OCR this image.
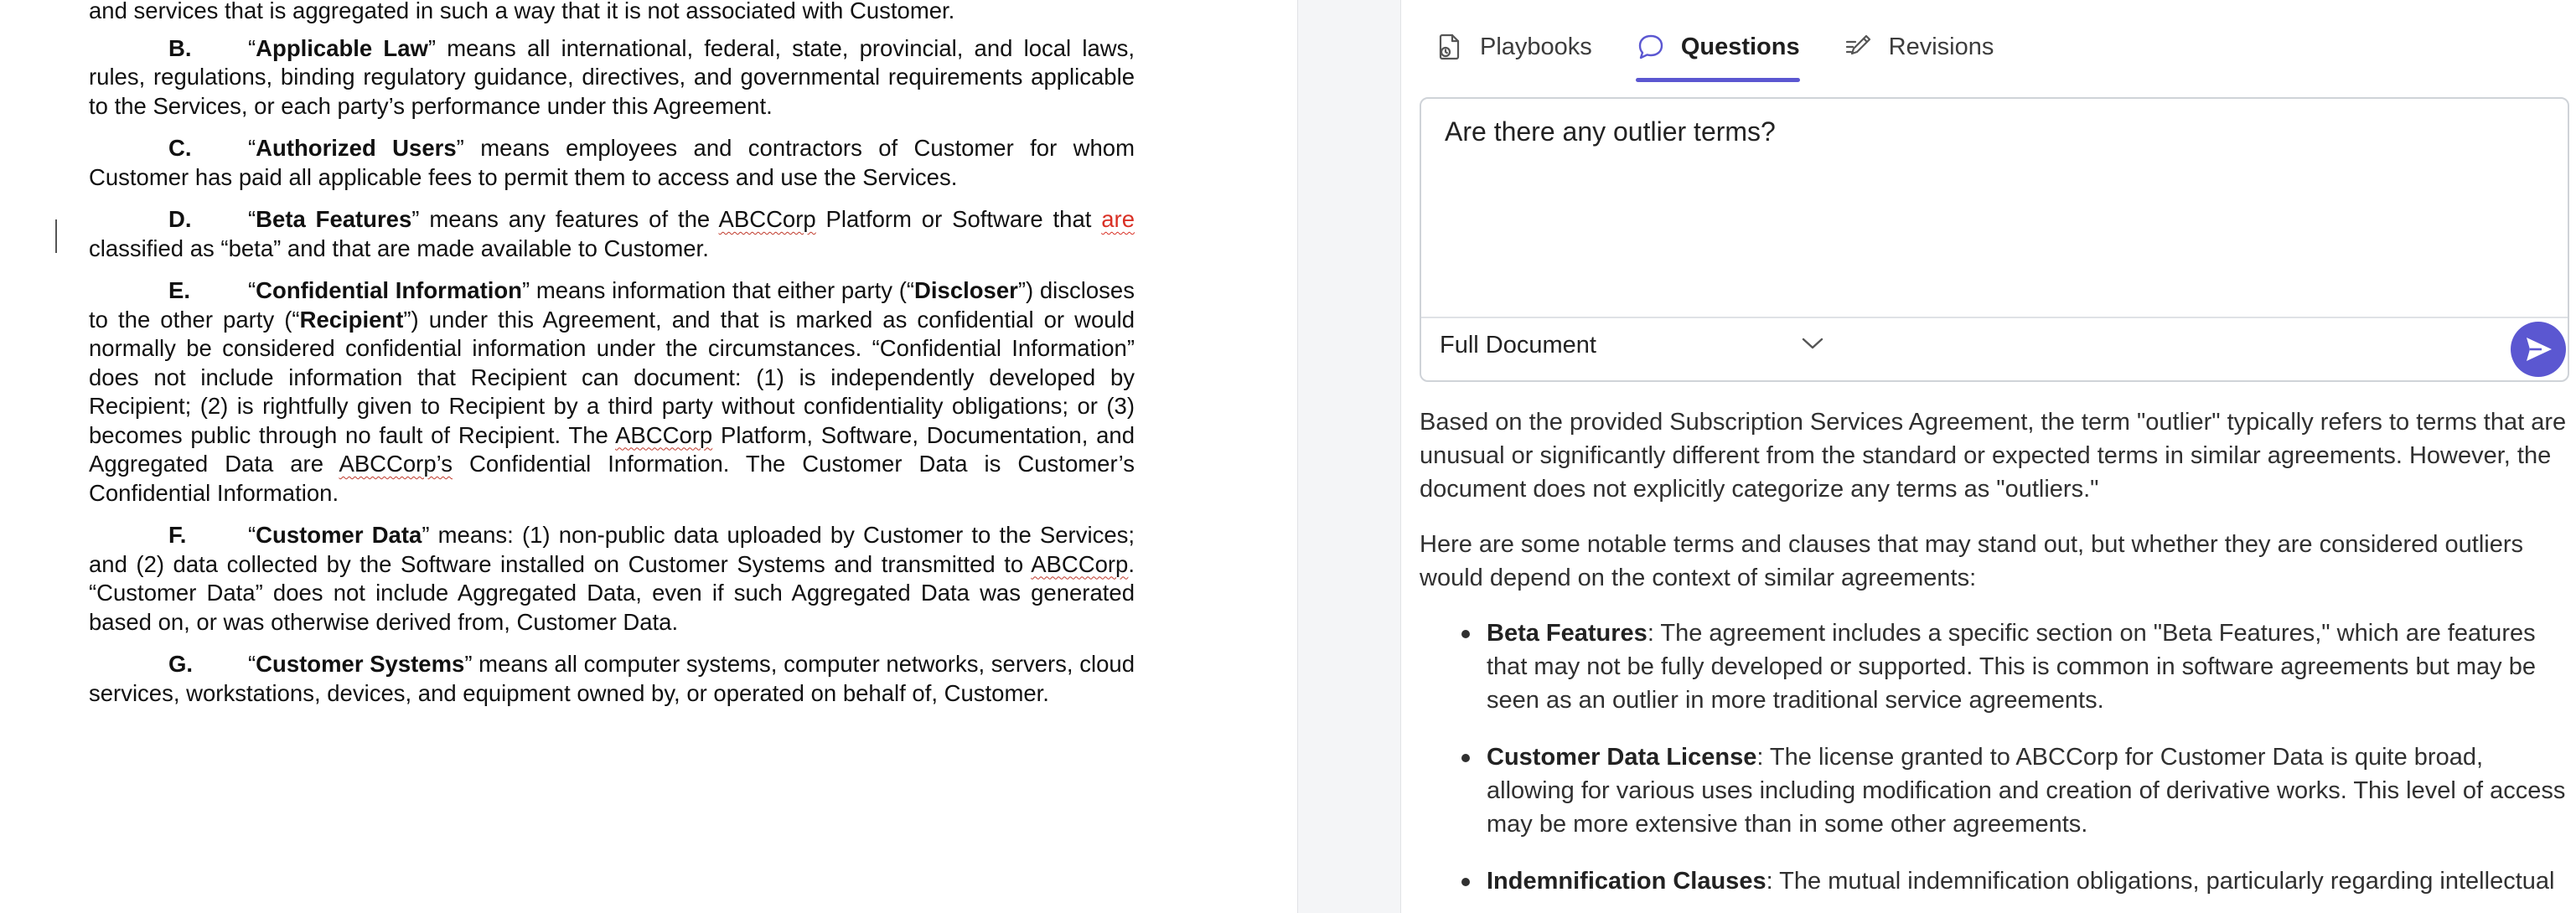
and services that is aggregated in such a way that it is not associated with Customer.
B. “Applicable Law” means all international, federal, state, provincial, and local laws, rules, regulations, binding regulatory guidance, directives, and governmental requirements applicable to the Services, or each party’s performance under this Agreement.
C. “Authorized Users” means employees and contractors of Customer for whom Customer has paid all applicable fees to permit them to access and use the Services.
D. “Beta Features” means any features of the ABCCorp Platform or Software that are classified as “beta” and that are made available to Customer.
E.	“Confidential Information” means information that either party (“Discloser”) discloses to the other party (“Recipient”) under this Agreement, and that is marked as confidential or would normally be considered confidential information under the circumstances. “Confidential Information” does not include information that Recipient can document: (1) is independently developed by Recipient; (2) is rightfully given to Recipient by a third party without confidentiality obligations; or (3) becomes public through no fault of Recipient. The ABCCorp Platform, Software, Documentation, and Aggregated Data are ABCCorp’s Confidential Information. The Customer Data is Customer’s Confidential Information.
F.	“Customer Data” means: (1) non-public data uploaded by Customer to the Services; and (2) data collected by the Software installed on Customer Systems and transmitted to ABCCorp. “Customer Data” does not include Aggregated Data, even if such Aggregated Data was generated based on, or was otherwise derived from, Customer Data.
G. “Customer Systems” means all computer systems, computer networks, servers, cloud services, workstations, devices, and equipment owned by, or operated on behalf of, Customer.
Playbooks	Questions	Revisions
Are there any outlier terms?
Full Document

Based on the provided Subscription Services Agreement, the term "outlier" typically refers to terms that are unusual or significantly different from the standard or expected terms in similar agreements. However, the document does not explicitly categorize any terms as "outliers."

Here are some notable terms and clauses that may stand out, but whether they are considered outliers would depend on the context of similar agreements:

Beta Features: The agreement includes a specific section on "Beta Features," which are features that may not be fully developed or supported. This is common in software agreements but may be seen as an outlier in more traditional service agreements.
Customer Data License: The license granted to ABCCorp for Customer Data is quite broad, allowing for various uses including modification and creation of derivative works. This level of access may be more extensive than in some other agreements.
Indemnification Clauses: The mutual indemnification obligations, particularly regarding intellectual
